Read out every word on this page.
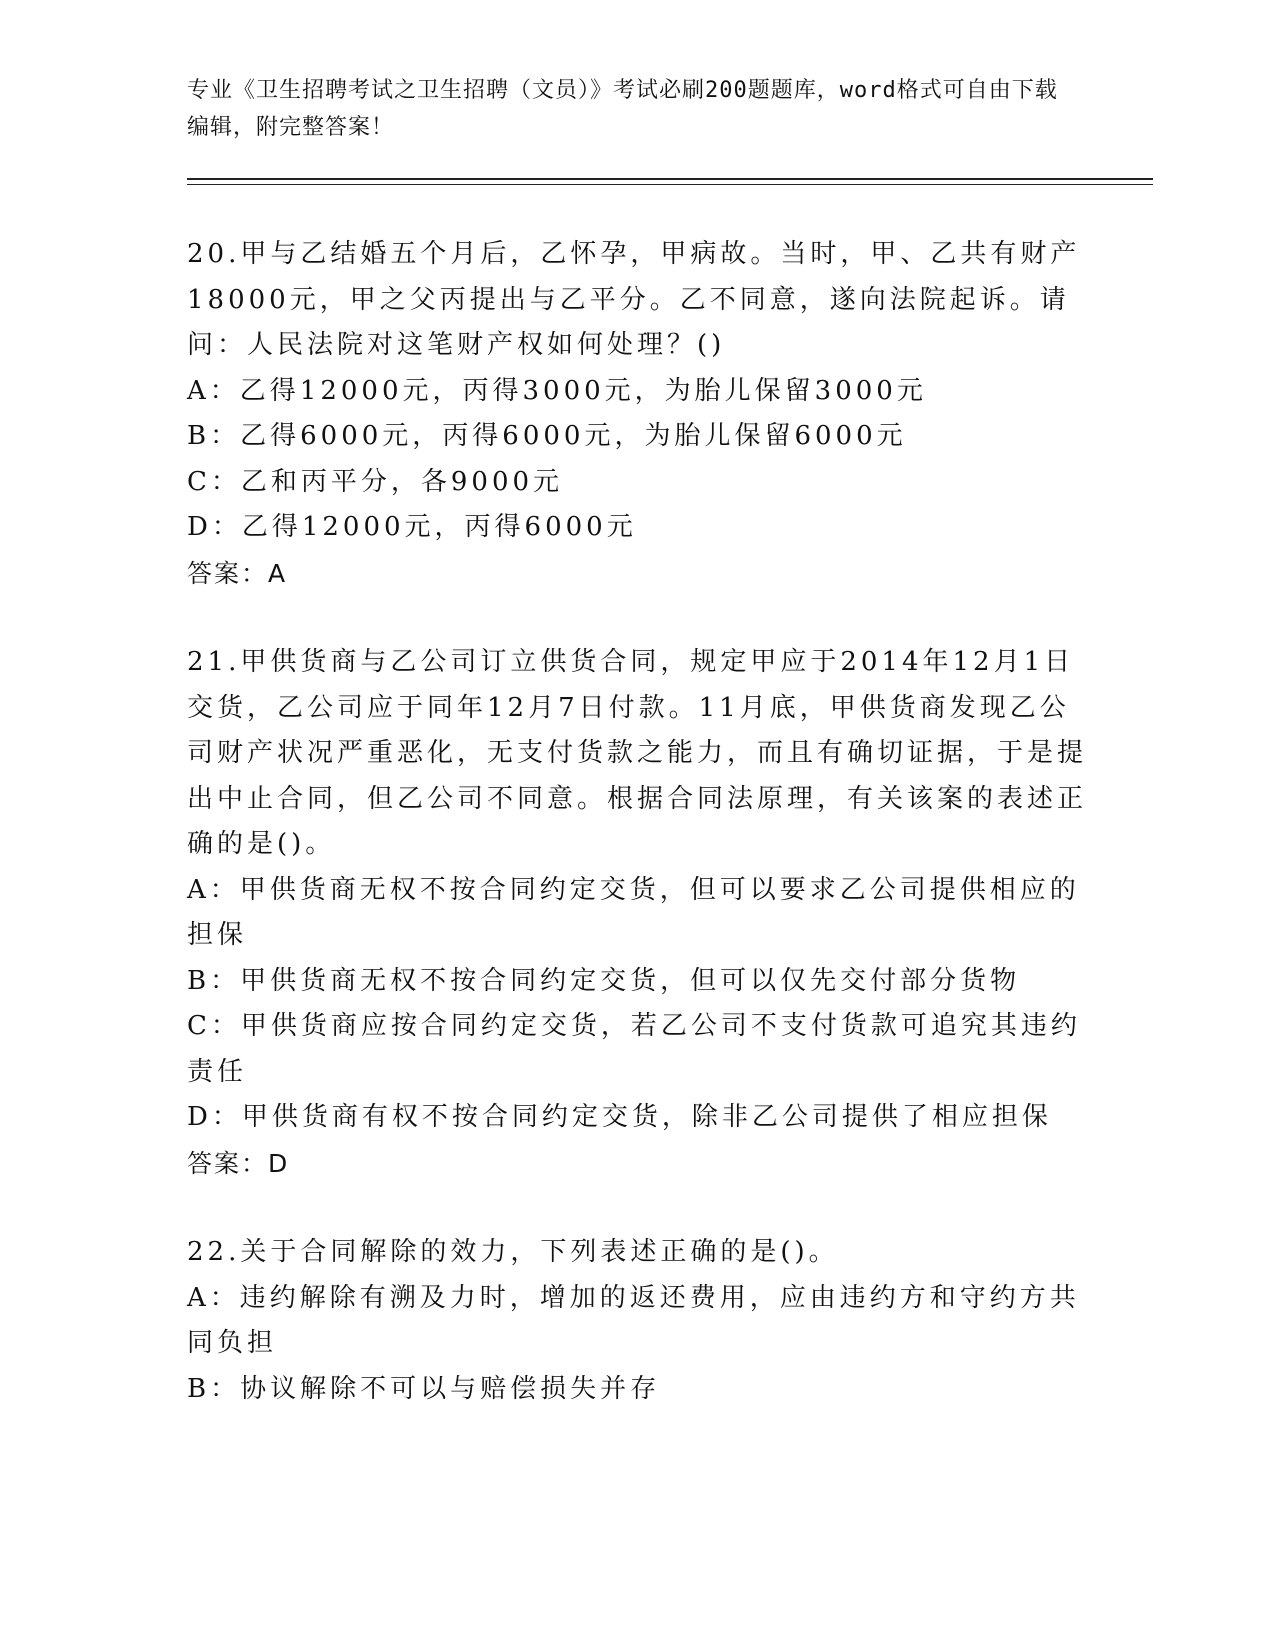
专业《卫生招聘考试之卫生招聘（文员）》考试必刷200题题库，word格式可自由下载编辑，附完整答案！

20.甲与乙结婚五个月后，乙怀孕，甲病故。当时，甲、乙共有财产18000元，甲之父丙提出与乙平分。乙不同意，遂向法院起诉。请问：人民法院对这笔财产权如何处理？()

A：乙得12000元，丙得3000元，为胎儿保留3000元

B：乙得6000元，丙得6000元，为胎儿保留6000元

C：乙和丙平分，各9000元

D：乙得12000元，丙得6000元

答案：A

21.甲供货商与乙公司订立供货合同，规定甲应于2014年12月1日交货，乙公司应于同年12月7日付款。11月底，甲供货商发现乙公司财产状况严重恶化，无支付货款之能力，而且有确切证据，于是提出中止合同，但乙公司不同意。根据合同法原理，有关该案的表述正确的是()。

A：甲供货商无权不按合同约定交货，但可以要求乙公司提供相应的担保

B：甲供货商无权不按合同约定交货，但可以仅先交付部分货物

C：甲供货商应按合同约定交货，若乙公司不支付货款可追究其违约责任

D：甲供货商有权不按合同约定交货，除非乙公司提供了相应担保

答案：D

22.关于合同解除的效力，下列表述正确的是()。

A：违约解除有溯及力时，增加的返还费用，应由违约方和守约方共同负担

B：协议解除不可以与赔偿损失并存
